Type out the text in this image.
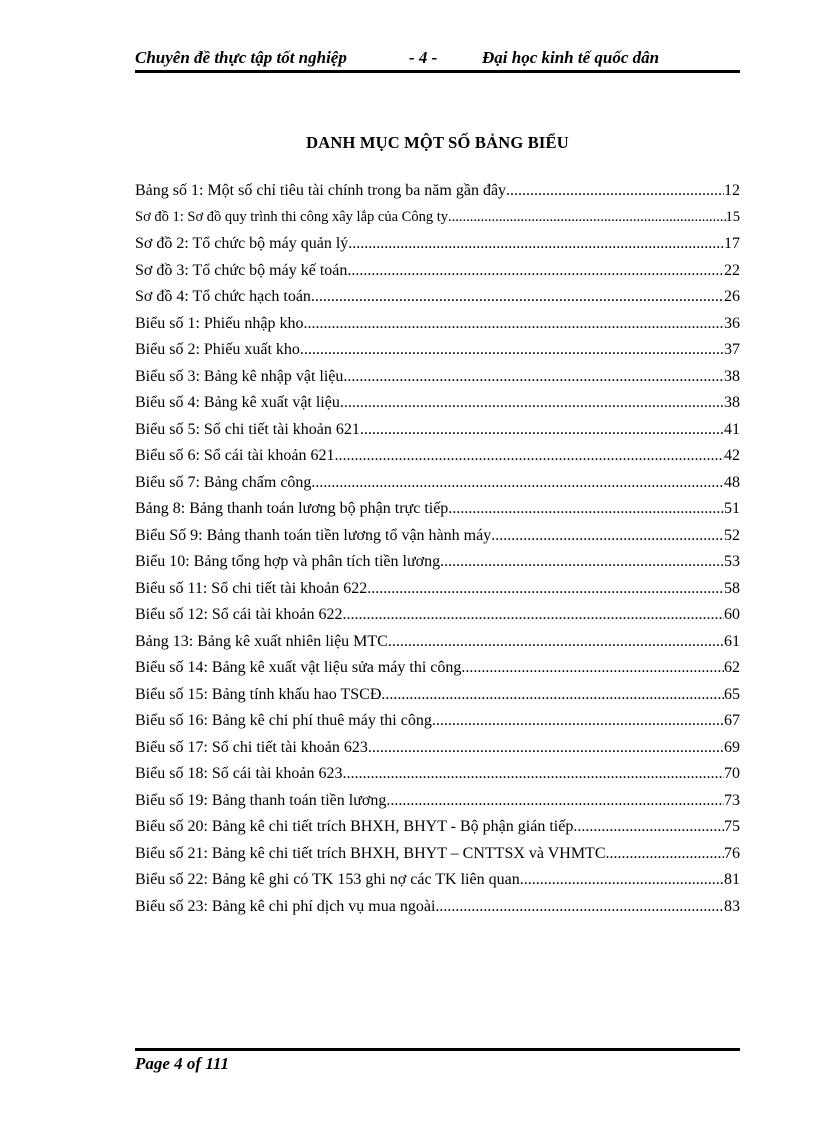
Chuyên đề thực tập tốt nghiệp	- 4 -	Đại học kinh tế quốc dân
DANH MỤC MỘT SỐ BẢNG BIỂU
Bảng số 1: Một số chỉ tiêu tài chính trong ba năm gần đây .....	12
Sơ đồ 1: Sơ đồ quy trình thi công xây lắp của Công ty .....	15
Sơ đồ 2: Tổ chức bộ máy quản lý .....	17
Sơ đồ 3: Tổ chức bộ máy kế toán .....	22
Sơ đồ 4: Tổ chức hạch toán .....	26
Biểu số 1: Phiếu nhập kho .....	36
Biểu số 2: Phiếu xuất kho .....	37
Biểu số 3: Bảng kê nhập vật liệu .....	38
Biểu số 4: Bảng kê xuất vật liệu .....	38
Biểu số 5: Sổ chi tiết tài khoản 621 .....	41
Biểu số 6: Sổ cái tài khoản 621 .....	42
Biểu số 7: Bảng chấm công .....	48
Bảng 8: Bảng thanh toán lương bộ phận trực tiếp .....	51
Biểu Số 9: Bảng thanh toán tiền lương tổ vận hành máy .....	52
Biểu 10: Bảng tổng hợp và phân tích tiền lương .....	53
Biểu số 11: Sổ chi tiết tài khoản 622 .....	58
Biểu số 12: Sổ cái tài khoản 622 .....	60
Bảng 13: Bảng kê xuất nhiên liệu MTC .....	61
Biểu số 14: Bảng kê xuất vật liệu sửa máy thi công .....	62
Biểu số 15: Bảng tính khấu hao TSCĐ .....	65
Biểu số 16: Bảng kê chi phí thuê máy thi công .....	67
Biểu số 17: Sổ chi tiết tài khoản 623 .....	69
Biểu số 18: Sổ cái tài khoản 623 .....	70
Biểu số 19: Bảng thanh toán tiền lương .....	73
Biểu số 20: Bảng kê chi tiết trích BHXH, BHYT - Bộ phận gián tiếp .....	75
Biểu số 21: Bảng kê chi tiết trích BHXH, BHYT – CNTTSX và VHMTC .....	76
Biểu số 22: Bảng kê ghi có TK 153 ghi nợ các TK liên quan .....	81
Biểu số 23: Bảng kê chi phí dịch vụ mua ngoài .....	83
Page 4 of 111
